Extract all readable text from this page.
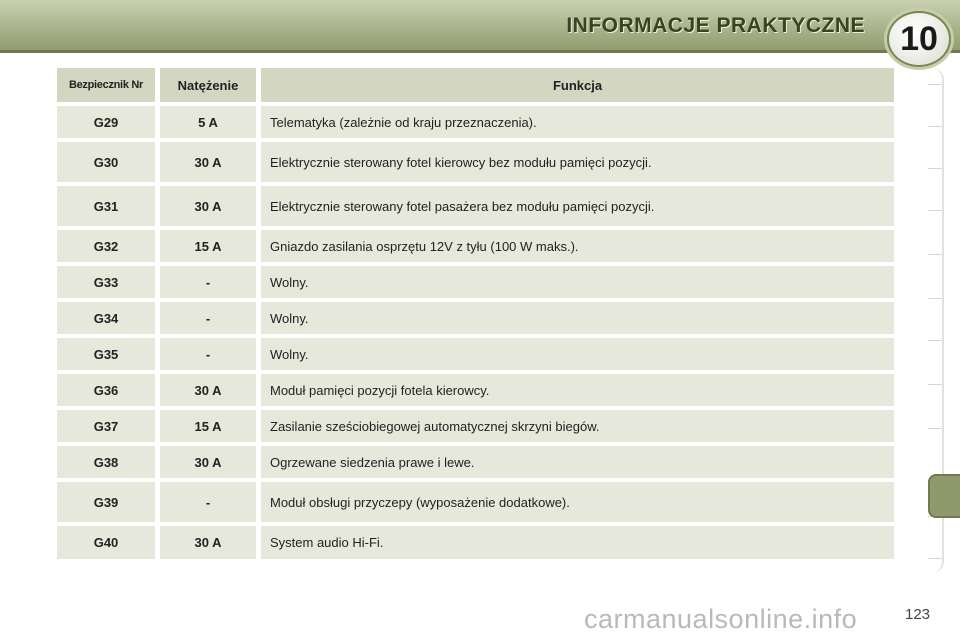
INFORMACJE PRAKTYCZNE	10
Bezpiecznik Nr	Natężenie	Funkcja
G29	5 A	Telematyka (zależnie od kraju przeznaczenia).
G30	30 A	Elektrycznie sterowany fotel kierowcy bez modułu pamięci pozycji.
G31	30 A	Elektrycznie sterowany fotel pasażera bez modułu pamięci pozycji.
G32	15 A	Gniazdo zasilania osprzętu 12V z tyłu (100 W maks.).
G33	-	Wolny.
G34	-	Wolny.
G35	-	Wolny.
G36	30 A	Moduł pamięci pozycji fotela kierowcy.
G37	15 A	Zasilanie sześciobiegowej automatycznej skrzyni biegów.
G38	30 A	Ogrzewane siedzenia prawe i lewe.
G39	-	Moduł obsługi przyczepy (wyposażenie dodatkowe).
G40	30 A	System audio Hi-Fi.
carmanualsonline.info	123
